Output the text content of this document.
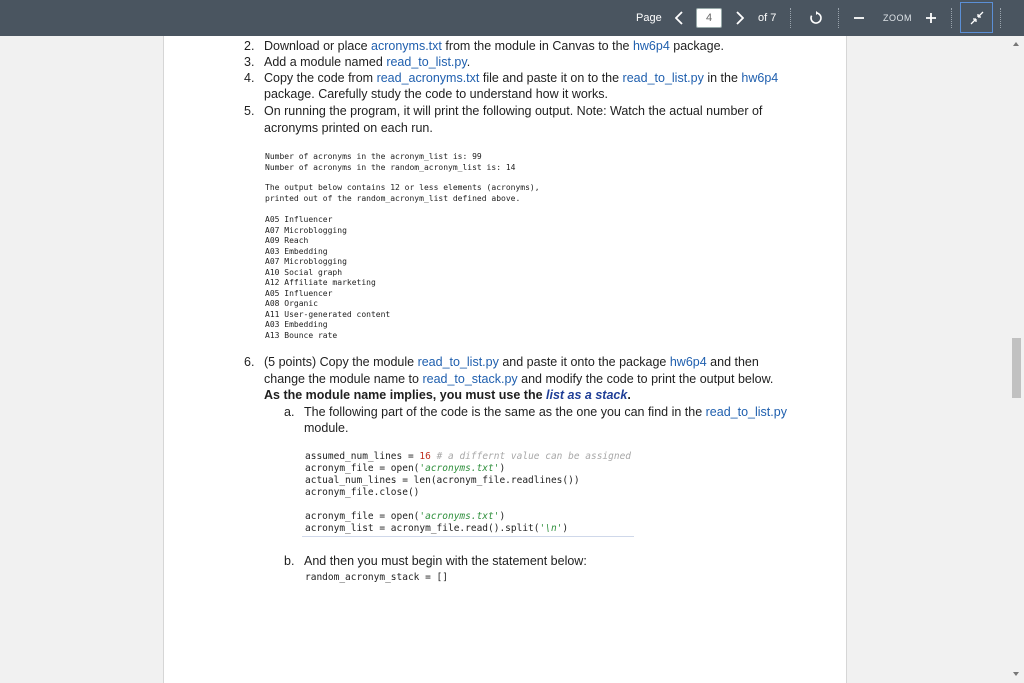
Page
4	of 7	ZOOM
2. Download or place acronyms.txt from the module in Canvas to the hw6p4 package.
3. Add a module named read_to_list.py.
4. Copy the code from read_acronyms.txt file and paste it on to the read_to_list.py in the hw6p4
package. Carefully study the code to understand how it works.
5. On running the program, it will print the following output. Note: Watch the actual number of
acronyms printed on each run.
Number of acronyms in the acronym_list is: 99
Number of acronyms in the random_acronym_list is: 14
The output below contains 12 or less elements (acronyms),
printed out of the random_acronym_list defined above.
A05 Influencer
A07 Microblogging
A09 Reach
A03 Embedding
A07 Microblogging
A10 Social graph
A12 Affiliate marketing
A05 Influencer
A08 Organic
A11 User-generated content
A03 Embedding
A13 Bounce rate
6. (5 points) Copy the module read_to_list.py and paste it onto the package hw6p4 and then
change the module name to read_to_stack.py and modify the code to print the output below.
As the module name implies, you must use the list as a stack.
a. The following part of the code is the same as the one you can find in the read_to_list.py
module.
assumed_num_lines = 16 # a differnt value can be assigned
acronym_file = open('acronyms.txt')
actual_num_lines = len(acronym_file.readlines())
acronym_file.close()
acronym_file = open('acronyms.txt')
acronym_list = acronym_file.read().split('\n')
b. And then you must begin with the statement below:
random_acronym_stack = []
